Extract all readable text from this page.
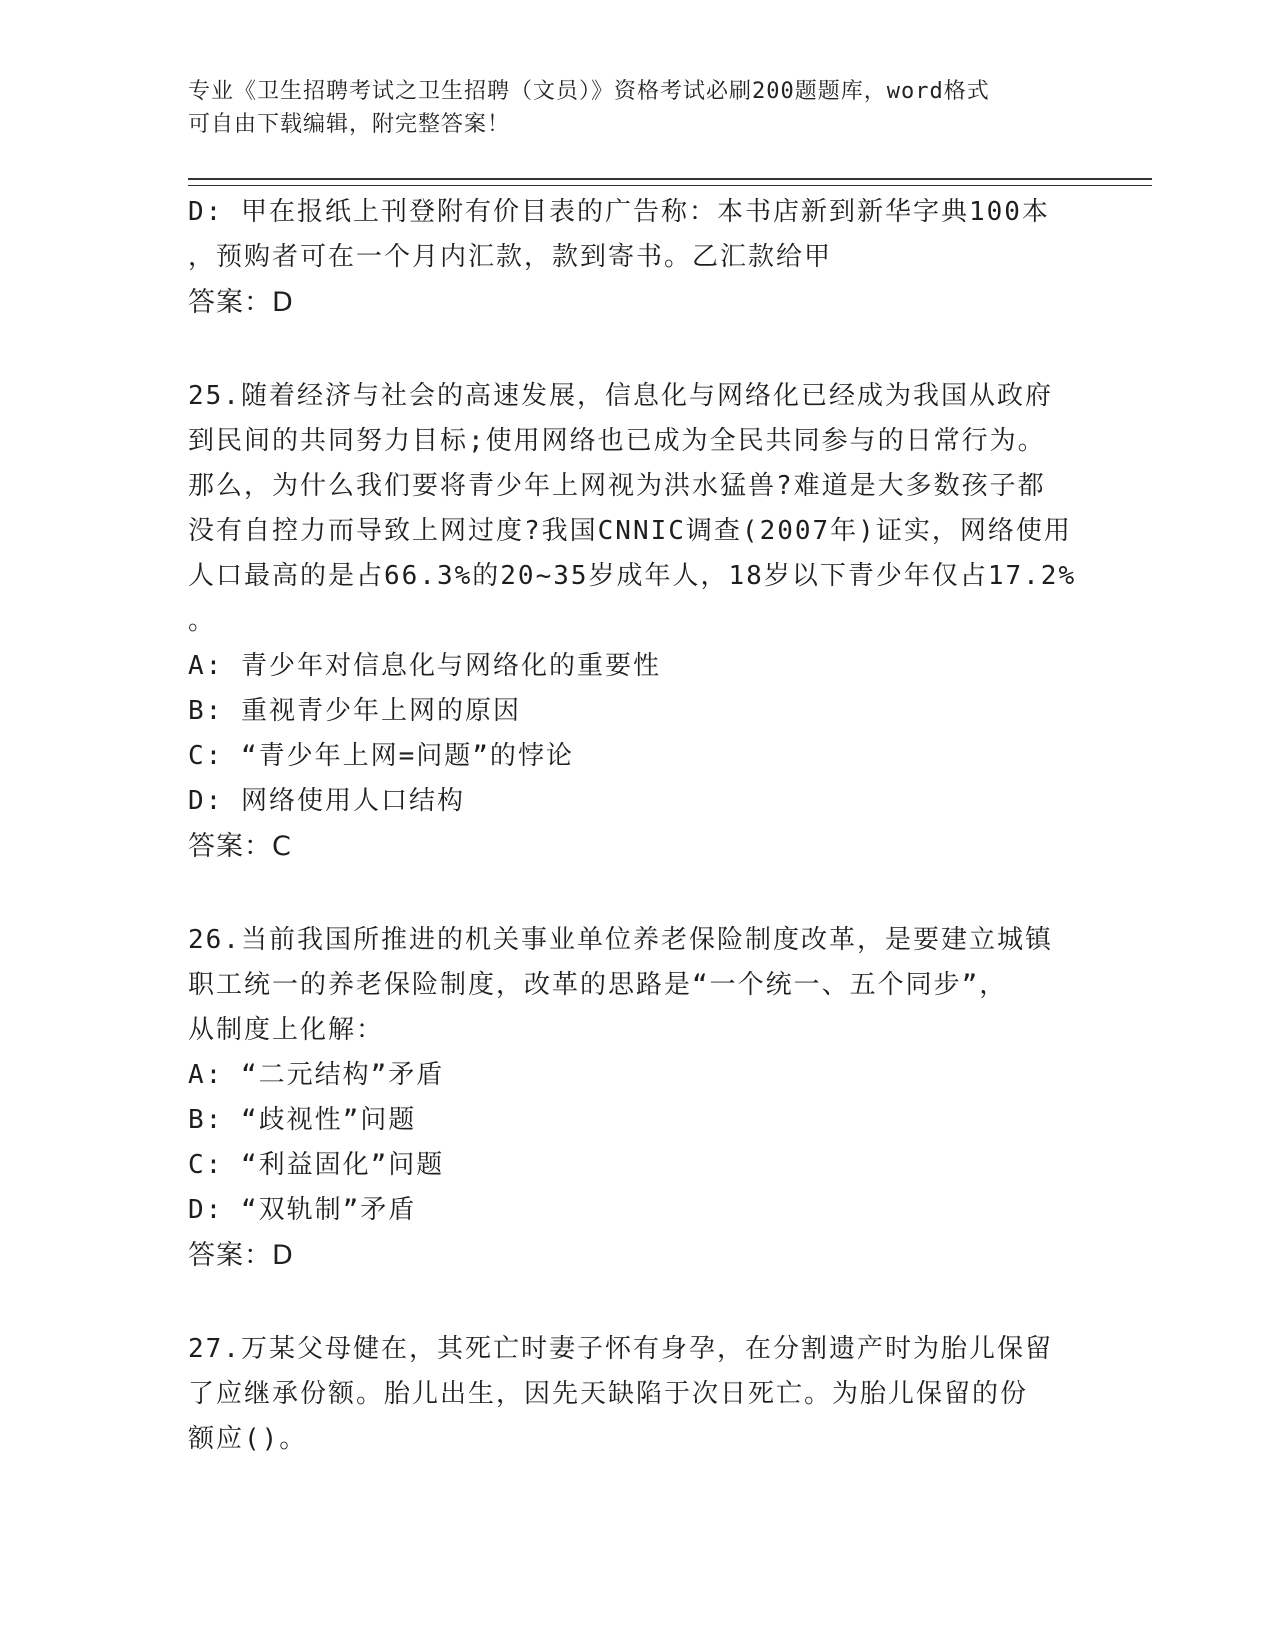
专业《卫生招聘考试之卫生招聘（文员）》资格考试必刷200题题库，word格式
可自由下载编辑，附完整答案！
D: 甲在报纸上刊登附有价目表的广告称：本书店新到新华字典100本
，预购者可在一个月内汇款，款到寄书。乙汇款给甲
答案：D
25.随着经济与社会的高速发展，信息化与网络化已经成为我国从政府
到民间的共同努力目标;使用网络也已成为全民共同参与的日常行为。
那么，为什么我们要将青少年上网视为洪水猛兽?难道是大多数孩子都
没有自控力而导致上网过度?我国CNNIC调查(2007年)证实，网络使用
人口最高的是占66.3%的20~35岁成年人，18岁以下青少年仅占17.2%
。
A: 青少年对信息化与网络化的重要性
B: 重视青少年上网的原因
C: “青少年上网=问题”的悖论
D: 网络使用人口结构
答案：C
26.当前我国所推进的机关事业单位养老保险制度改革，是要建立城镇
职工统一的养老保险制度，改革的思路是“一个统一、五个同步”，
从制度上化解：
A: “二元结构”矛盾
B: “歧视性”问题
C: “利益固化”问题
D: “双轨制”矛盾
答案：D
27.万某父母健在，其死亡时妻子怀有身孕，在分割遗产时为胎儿保留
了应继承份额。胎儿出生，因先天缺陷于次日死亡。为胎儿保留的份
额应()。
